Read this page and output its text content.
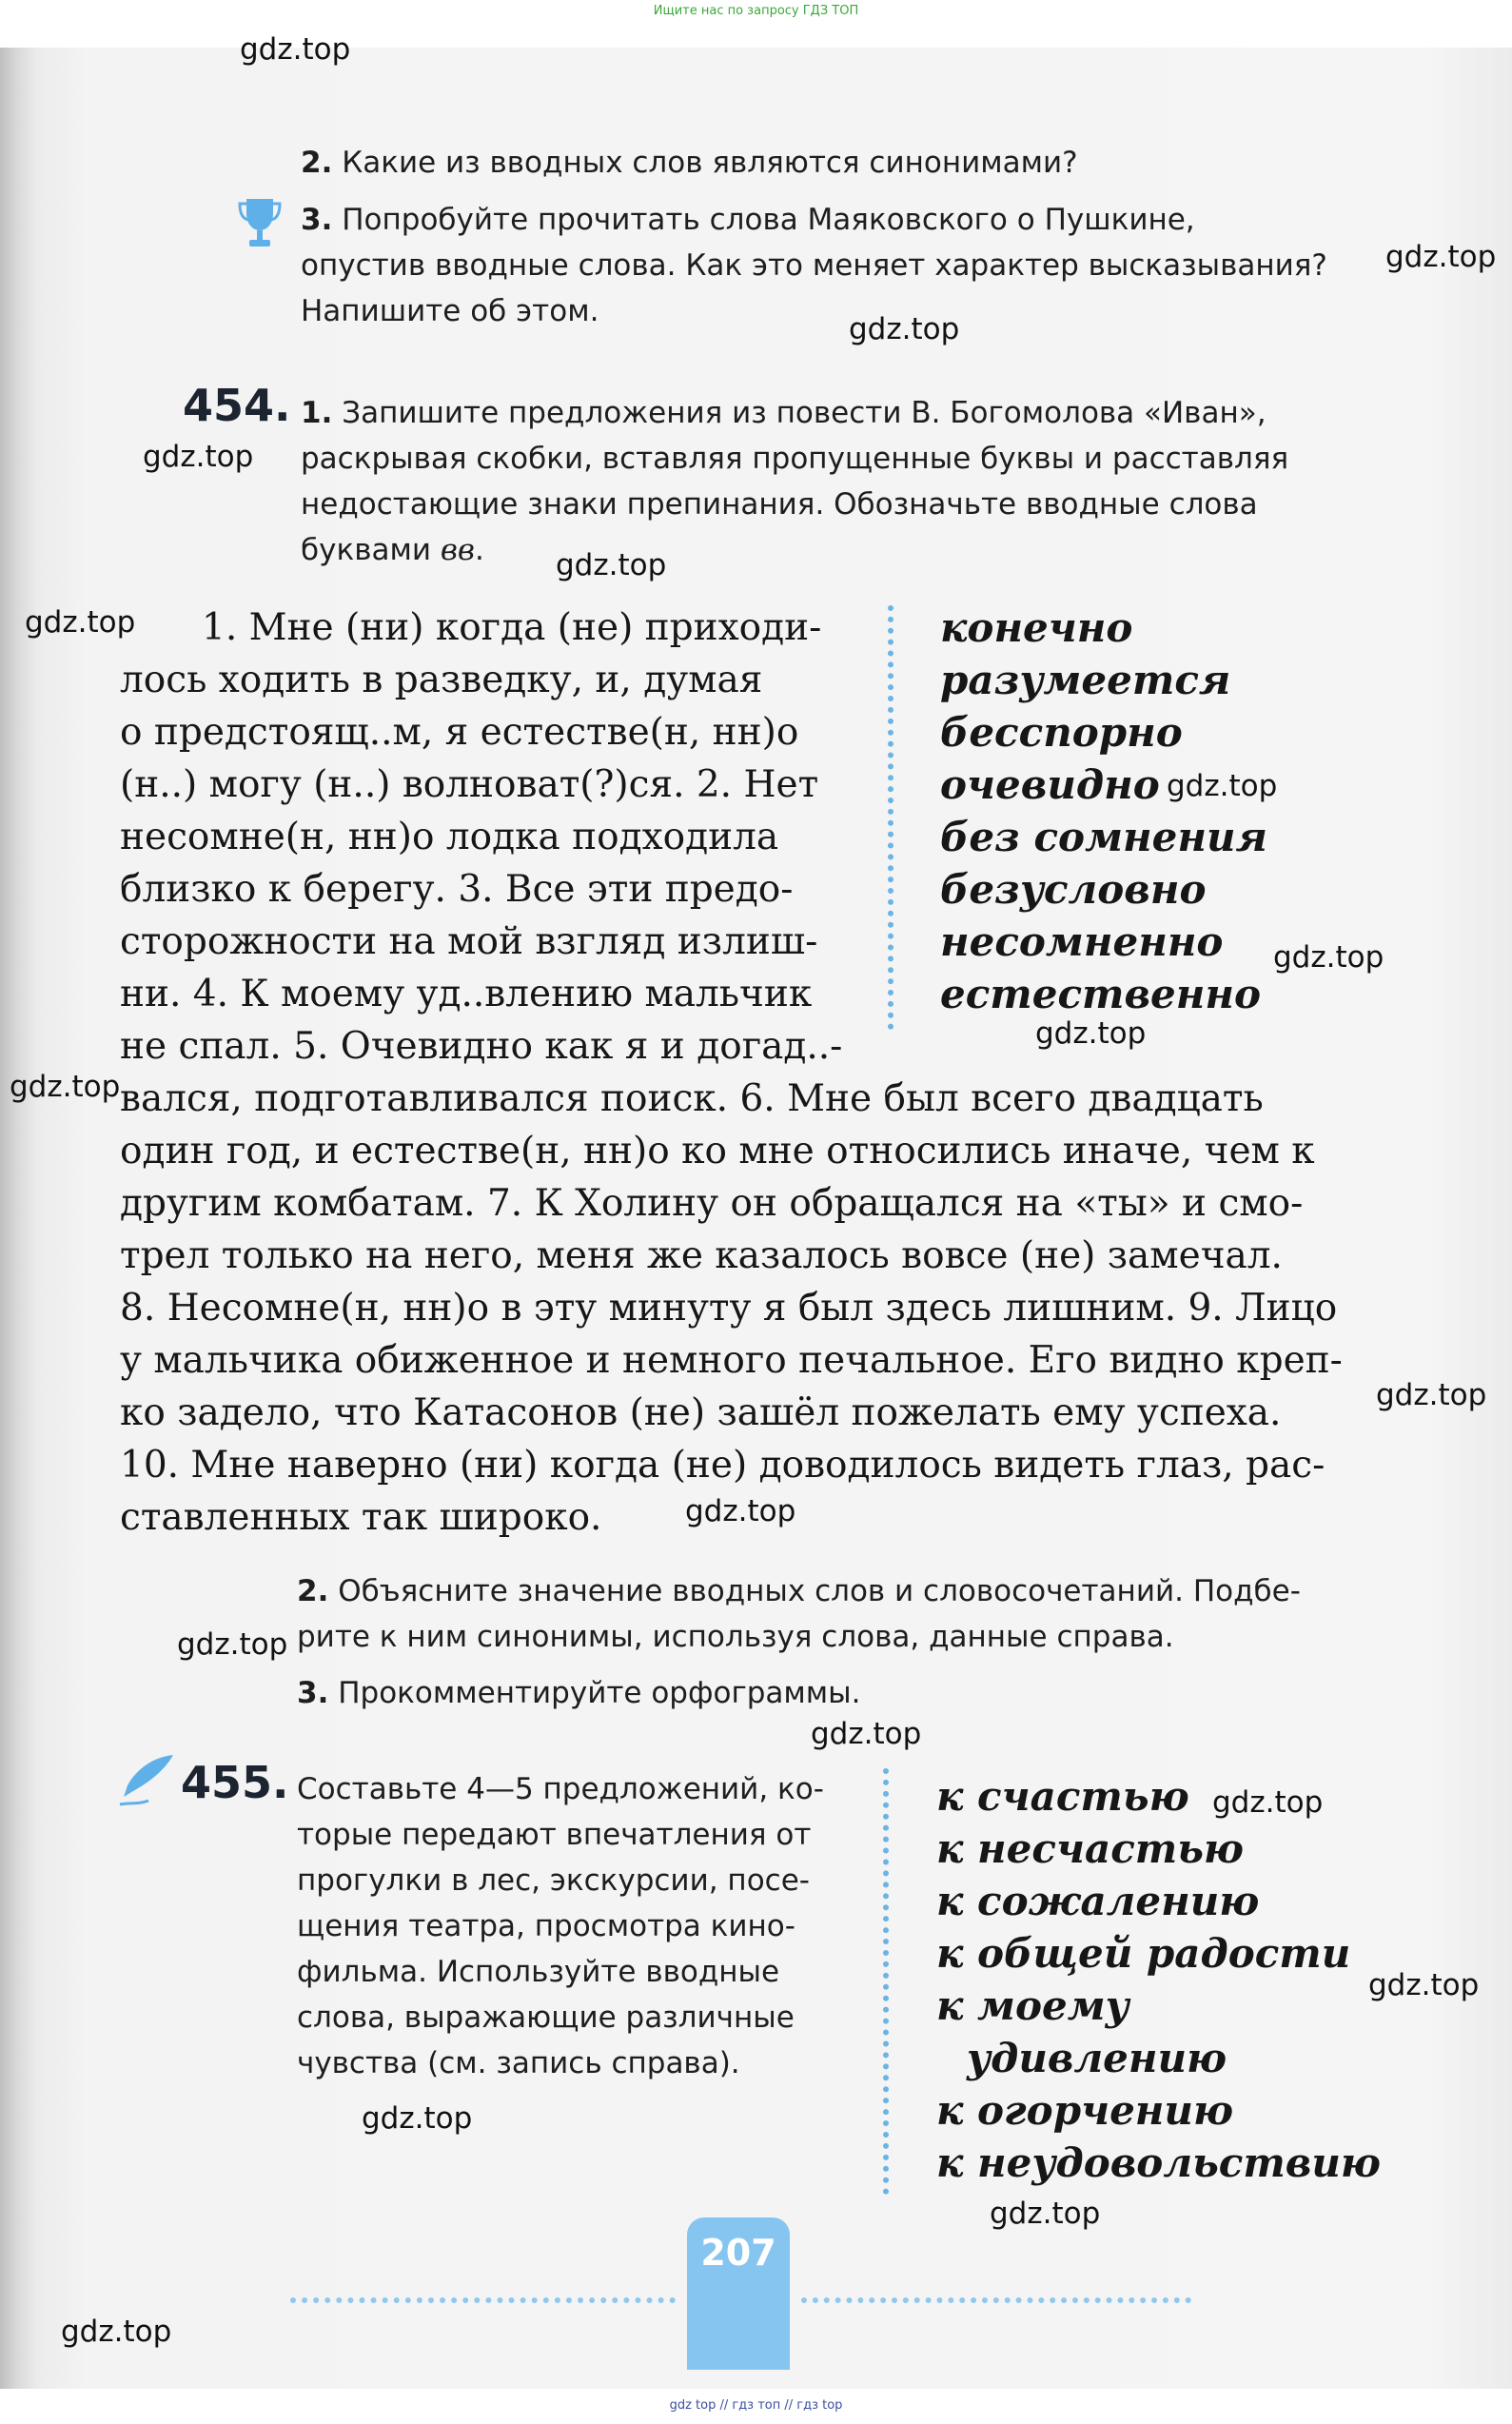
Ищите нас по запросу ГДЗ ТОП
2. Какие из вводных слов являются синонимами?
3. Попробуйте прочитать слова Маяковского о Пушкине,
опустив вводные слова. Как это меняет характер высказывания?
Напишите об этом.
454. 1. Запишите предложения из повести В. Богомолова «Иван»,
раскрывая скобки, вставляя пропущенные буквы и расставляя
недостающие знаки препинания. Обозначьте вводные слова
буквами вв.
1. Мне (ни) когда (не) приходи-
лось ходить в разведку, и, думая
о предстоящ..м, я естестве(н, нн)о
(н..) могу (н..) волноват(?)ся. 2. Нет
несомне(н, нн)о лодка подходила
близко к берегу. 3. Все эти предо-
сторожности на мой взгляд излиш-
ни. 4. К моему уд..влению мальчик
не спал. 5. Очевидно как я и догад..-
конечно
разумеется
бесспорно
очевидно
без сомнения
безусловно
несомненно
естественно
вался, подготавливался поиск. 6. Мне был всего двадцать
один год, и естестве(н, нн)о ко мне относились иначе, чем к
другим комбатам. 7. К Холину он обращался на «ты» и смо-
трел только на него, меня же казалось вовсе (не) замечал.
8. Несомне(н, нн)о в эту минуту я был здесь лишним. 9. Лицо
у мальчика обиженное и немного печальное. Его видно креп-
ко задело, что Катасонов (не) зашёл пожелать ему успеха.
10. Мне наверно (ни) когда (не) доводилось видеть глаз, рас-
ставленных так широко.
2. Объясните значение вводных слов и словосочетаний. Подбе-
рите к ним синонимы, используя слова, данные справа.
3. Прокомментируйте орфограммы.
455. Составьте 4—5 предложений, ко-
торые передают впечатления от
прогулки в лес, экскурсии, посе-
щения театра, просмотра кино-
фильма. Используйте вводные
слова, выражающие различные
чувства (см. запись справа).
к счастью
к несчастью
к сожалению
к общей радости
к моему
удивлению
к огорчению
к неудовольствию
207
gdz.top
gdz.top
gdz.top
gdz.top
gdz.top
gdz.top
gdz.top
gdz.top
gdz.top
gdz.top
gdz.top
gdz.top
gdz.top
gdz.top
gdz.top
gdz.top
gdz.top
gdz.top
gdz.top
gdz top // гдз топ // гдз top
